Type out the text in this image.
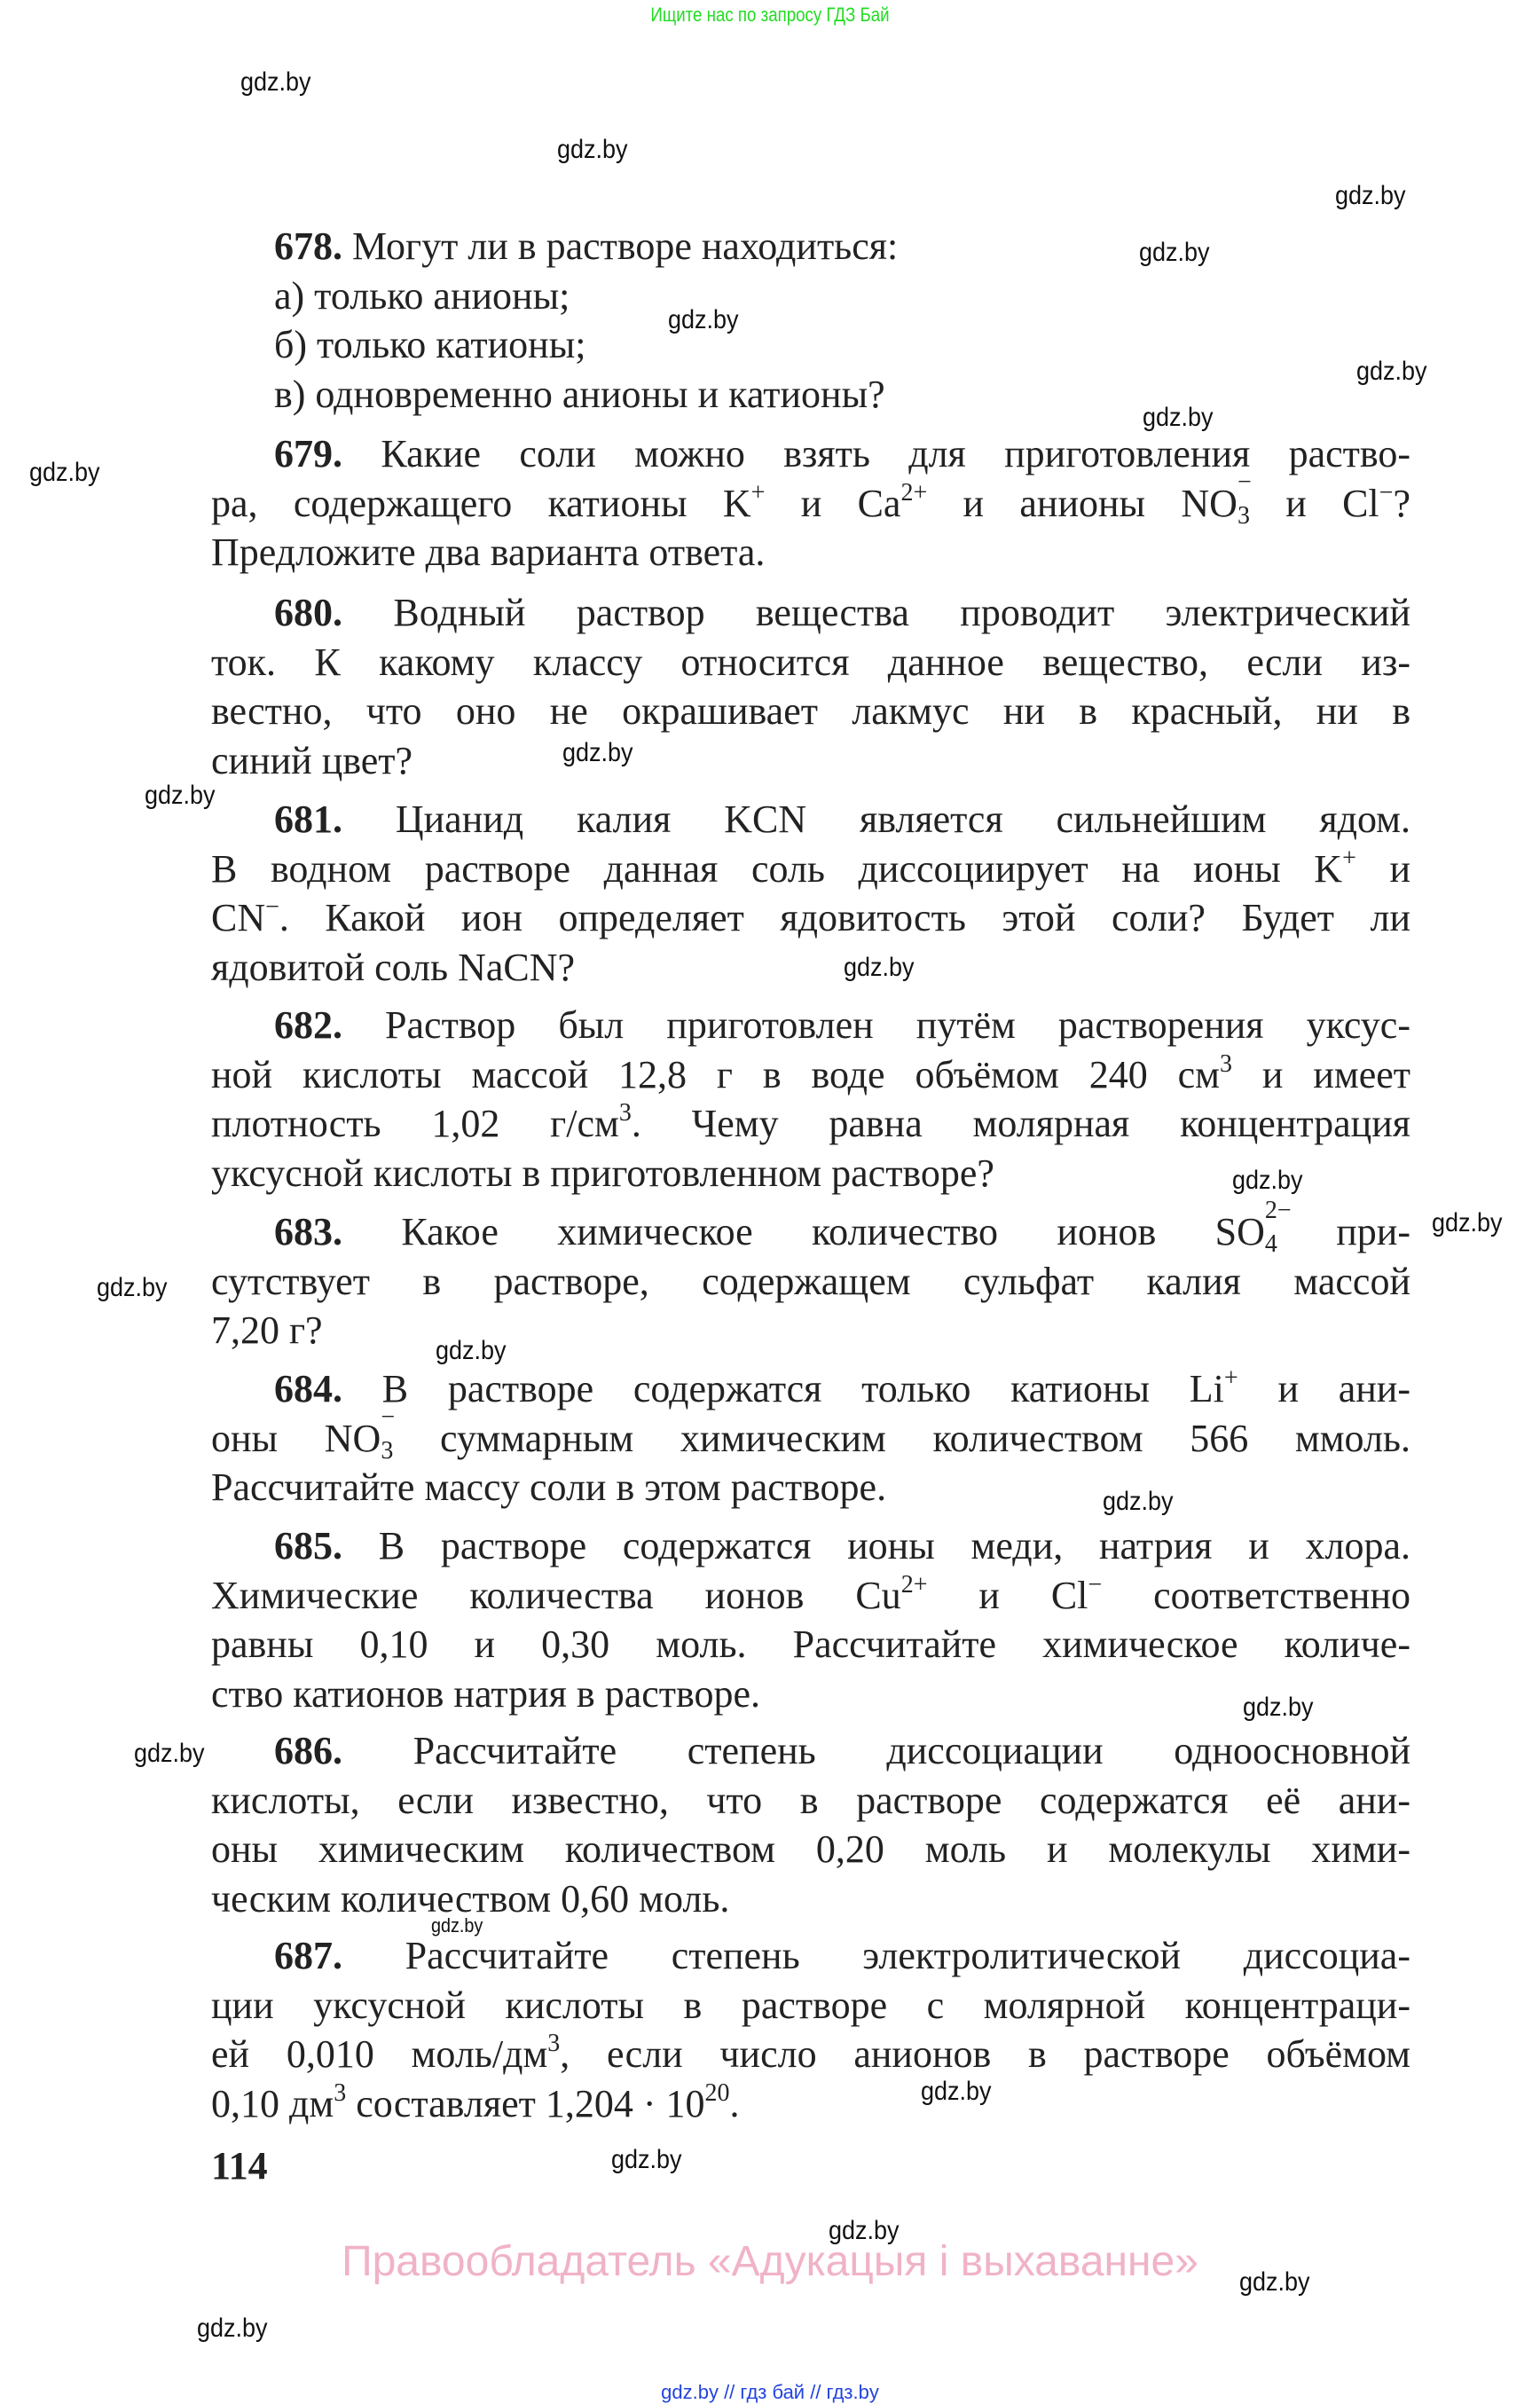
Ищите нас по запросу ГДЗ Бай
gdz.by
gdz.by
gdz.by
gdz.by
gdz.by
gdz.by
gdz.by
gdz.by
gdz.by
gdz.by
gdz.by
gdz.by
gdz.by
gdz.by
gdz.by
gdz.by
gdz.by
gdz.by
gdz.by
gdz.by
gdz.by
gdz.by
gdz.by
gdz.by
678. Могут ли в растворе находиться:
а) только анионы;
б) только катионы;
в) одновременно анионы и катионы?
679. Какие соли можно взять для приготовления раство-
ра, содержащего катионы K+ и $Ca^{2+}$ и анионы NO −
3 и Cl−?
Предложите два варианта ответа.
680. Водный раствор вещества проводит электрический
ток. К какому классу относится данное вещество, если из-
вестно, что оно не окрашивает лакмус ни в красный, ни в
синий цвет?
681. Цианид калия KCN является сильнейшим ядом.
В водном растворе данная соль диссоциирует на ионы K+ и
CN−. Какой ион определяет ядовитость этой соли? Будет ли
ядовитой соль NaCN?
682. Раствор был приготовлен путём растворения уксус-
ной кислоты массой 12,8 г в воде объёмом 240 $см^3$ и имеет
плотность 1,02 $г/см^3$. Чему равна молярная концентрация
уксусной кислоты в приготовленном растворе?
683. Какое химическое количество ионов SO 2−
4 при-
сутствует в растворе, содержащем сульфат калия массой
7,20 г?
684. В растворе содержатся только катионы Li+ и ани-
оны NO −
3 суммарным химическим количеством 566 ммоль.
Рассчитайте массу соли в этом растворе.
685. В растворе содержатся ионы меди, натрия и хлора.
Химические количества ионов $Cu^{2+}$ и Cl− соответственно
равны 0,10 и 0,30 моль. Рассчитайте химическое количе-
ство катионов натрия в растворе.
686. Рассчитайте степень диссоциации одноосновной
кислоты, если известно, что в растворе содержатся её ани-
оны химическим количеством 0,20 моль и молекулы хими-
ческим количеством 0,60 моль.
687. Рассчитайте степень электролитической диссоциа-
ции уксусной кислоты в растворе с молярной концентраци-
ей 0,010 моль/$дм^3$, если число анионов в растворе объёмом
0,10 $дм^3$ составляет $1,204 \cdot 10^{20}$.
114
Правообладатель «Адукацыя і выхаванне»
gdz.by // гдз бай // гдз.by
